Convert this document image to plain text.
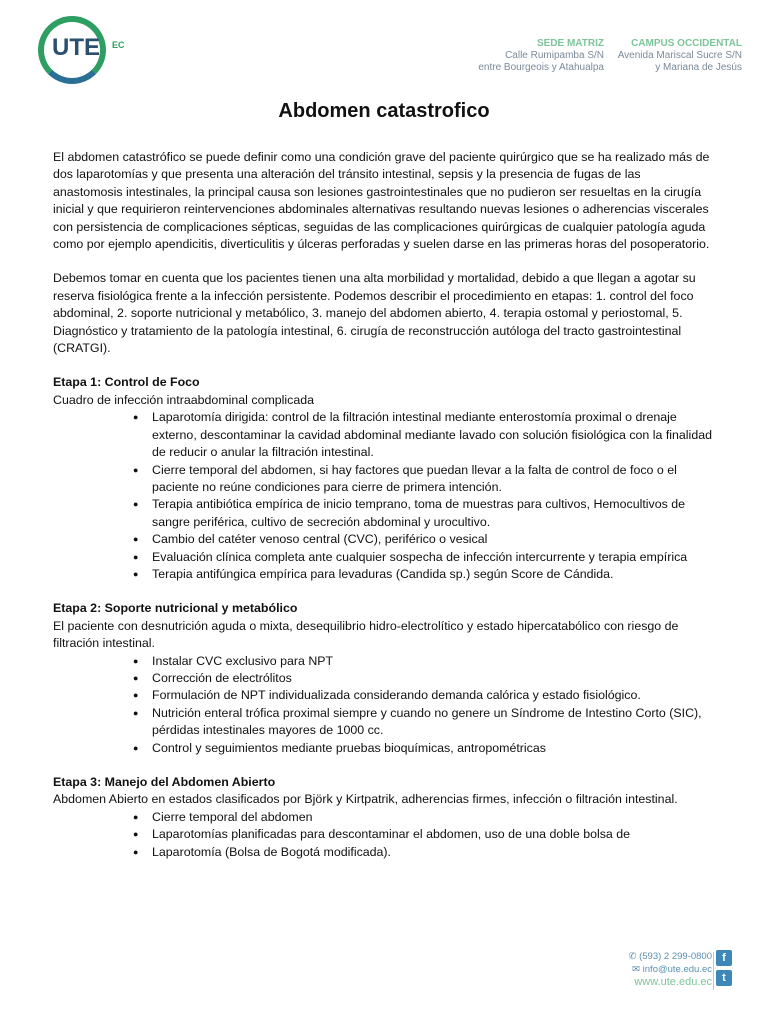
UTE EC	SEDE MATRIZ
Calle Rumipamba S/N
entre Bourgeois y Atahualpa
CAMPUS OCCIDENTAL
Avenida Mariscal Sucre S/N
y Mariana de Jesús
Abdomen catastrofico

El abdomen catastrófico se puede definir como una condición grave del paciente quirúrgico que se ha realizado más de dos laparotomías y que presenta una alteración del tránsito intestinal, sepsis y la presencia de fugas de las anastomosis intestinales, la principal causa son lesiones gastrointestinales que no pudieron ser resueltas en la cirugía inicial y que requirieron reintervenciones abdominales alternativas resultando nuevas lesiones o adherencias viscerales con persistencia de complicaciones sépticas, seguidas de las complicaciones quirúrgicas de cualquier patología aguda como por ejemplo apendicitis, diverticulitis y úlceras perforadas y suelen darse en las primeras horas del posoperatorio.

Debemos tomar en cuenta que los pacientes tienen una alta morbilidad y mortalidad, debido a que llegan a agotar su reserva fisiológica frente a la infección persistente. Podemos describir el procedimiento en etapas: 1. control del foco abdominal, 2. soporte nutricional y metabólico, 3. manejo del abdomen abierto, 4. terapia ostomal y periostomal, 5. Diagnóstico y tratamiento de la patología intestinal, 6. cirugía de reconstrucción autóloga del tracto gastrointestinal (CRATGI).

Etapa 1: Control de Foco

Cuadro de infección intraabdominal complicada

● Laparotomía dirigida: control de la filtración intestinal mediante enterostomía proximal o drenaje externo, descontaminar la cavidad abdominal mediante lavado con solución fisiológica con la finalidad de reducir o anular la filtración intestinal.
● Cierre temporal del abdomen, si hay factores que puedan llevar a la falta de control de foco o el paciente no reúne condiciones para cierre de primera intención.
● Terapia antibiótica empírica de inicio temprano, toma de muestras para cultivos, Hemocultivos de sangre periférica, cultivo de secreción abdominal y urocultivo.
● Cambio del catéter venoso central (CVC), periférico o vesical
● Evaluación clínica completa ante cualquier sospecha de infección intercurrente y terapia empírica
● Terapia antifúngica empírica para levaduras (Candida sp.) según Score de Cándida.

Etapa 2: Soporte nutricional y metabólico

El paciente con desnutrición aguda o mixta, desequilibrio hidro-electrolítico y estado hipercatabólico con riesgo de filtración intestinal.

● Instalar CVC exclusivo para NPT
● Corrección de electrólitos
● Formulación de NPT individualizada considerando demanda calórica y estado fisiológico.
● Nutrición enteral trófica proximal siempre y cuando no genere un Síndrome de Intestino Corto (SIC), pérdidas intestinales mayores de 1000 cc.
● Control y seguimientos mediante pruebas bioquímicas, antropométricas

Etapa 3: Manejo del Abdomen Abierto

Abdomen Abierto en estados clasificados por Björk y Kirtpatrik, adherencias firmes, infección o filtración intestinal.

● Cierre temporal del abdomen
● Laparotomías planificadas para descontaminar el abdomen, uso de una doble bolsa de
● Laparotomía (Bolsa de Bogotá modificada).
✆ (593) 2 299-0800
✉ info@ute.edu.ec
www.ute.edu.ec
f
t
